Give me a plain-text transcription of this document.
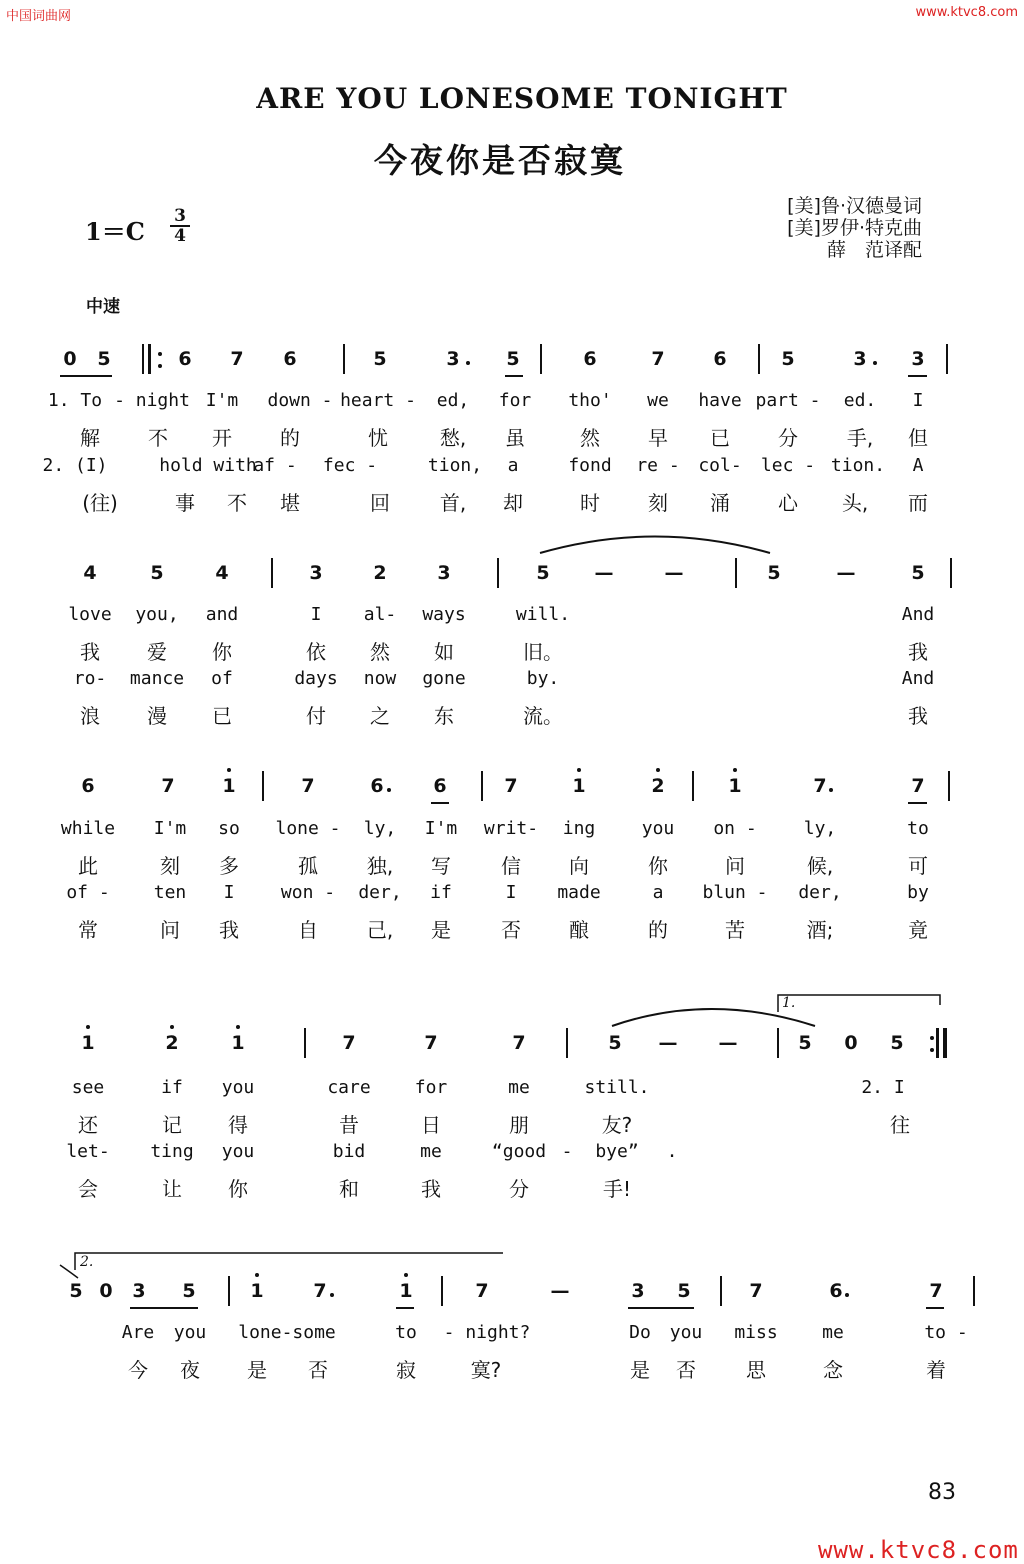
中国词曲网	www.ktvc8.com
ARE YOU LONESOME TONIGHT
今夜你是否寂寞
[美]鲁·汉德曼词
[美]罗伊·特克曲
薛　范译配
1＝C
3
4
中速
0 5	6 7 6	5	3 5	6	7	6	5	3 3
1. To - night I'm down - heart - ed, for tho' we have part - ed. I
解 不 开 的	忧	愁, 虽	然 早 已 分 手, 但
2. (I)	hold with
af - fec -	tion, a	fond re - col- lec - tion. A
(往)	事 不 堪	回 首, 却	时 刻 涌 心 头, 而
4	5	4	3	2	3	5 —	—	5	—	5
love you, and	I al- ways	will.	And
我 爱 你	依 然 如	旧。	我
ro- mance of	days now gone	by.	And
浪 漫 已	付 之 东	流。	我
6	7	1	7	6	6	7	1	2	1	7	7
while I'm so lone - ly, I'm writ- ing	you on -	ly,	to
此	刻 多	孤 独, 写	信 向	你	问	候,	可
of - ten I	won - der, if	I made	a blun - der,	by
常	问 我	自 己, 是	否 酿	的	苦	酒;	竟
1	2	1	7	7	7	5 — —	5 0 5
see	if you	care for	me	still.	2. I
还	记 得	昔	日	朋	友?	往
let- ting you	bid	me	“good - bye” .
会	让 你	和	我	分	手!
5 0 3 5	1	7	1	7	—	3 5	7	6	7
Are you lone-some	to - night?	Do you miss me	to -
今 夜 是 否	寂	寞?	是 否	思	念	着
1.
2.
83
www.ktvc8.com
